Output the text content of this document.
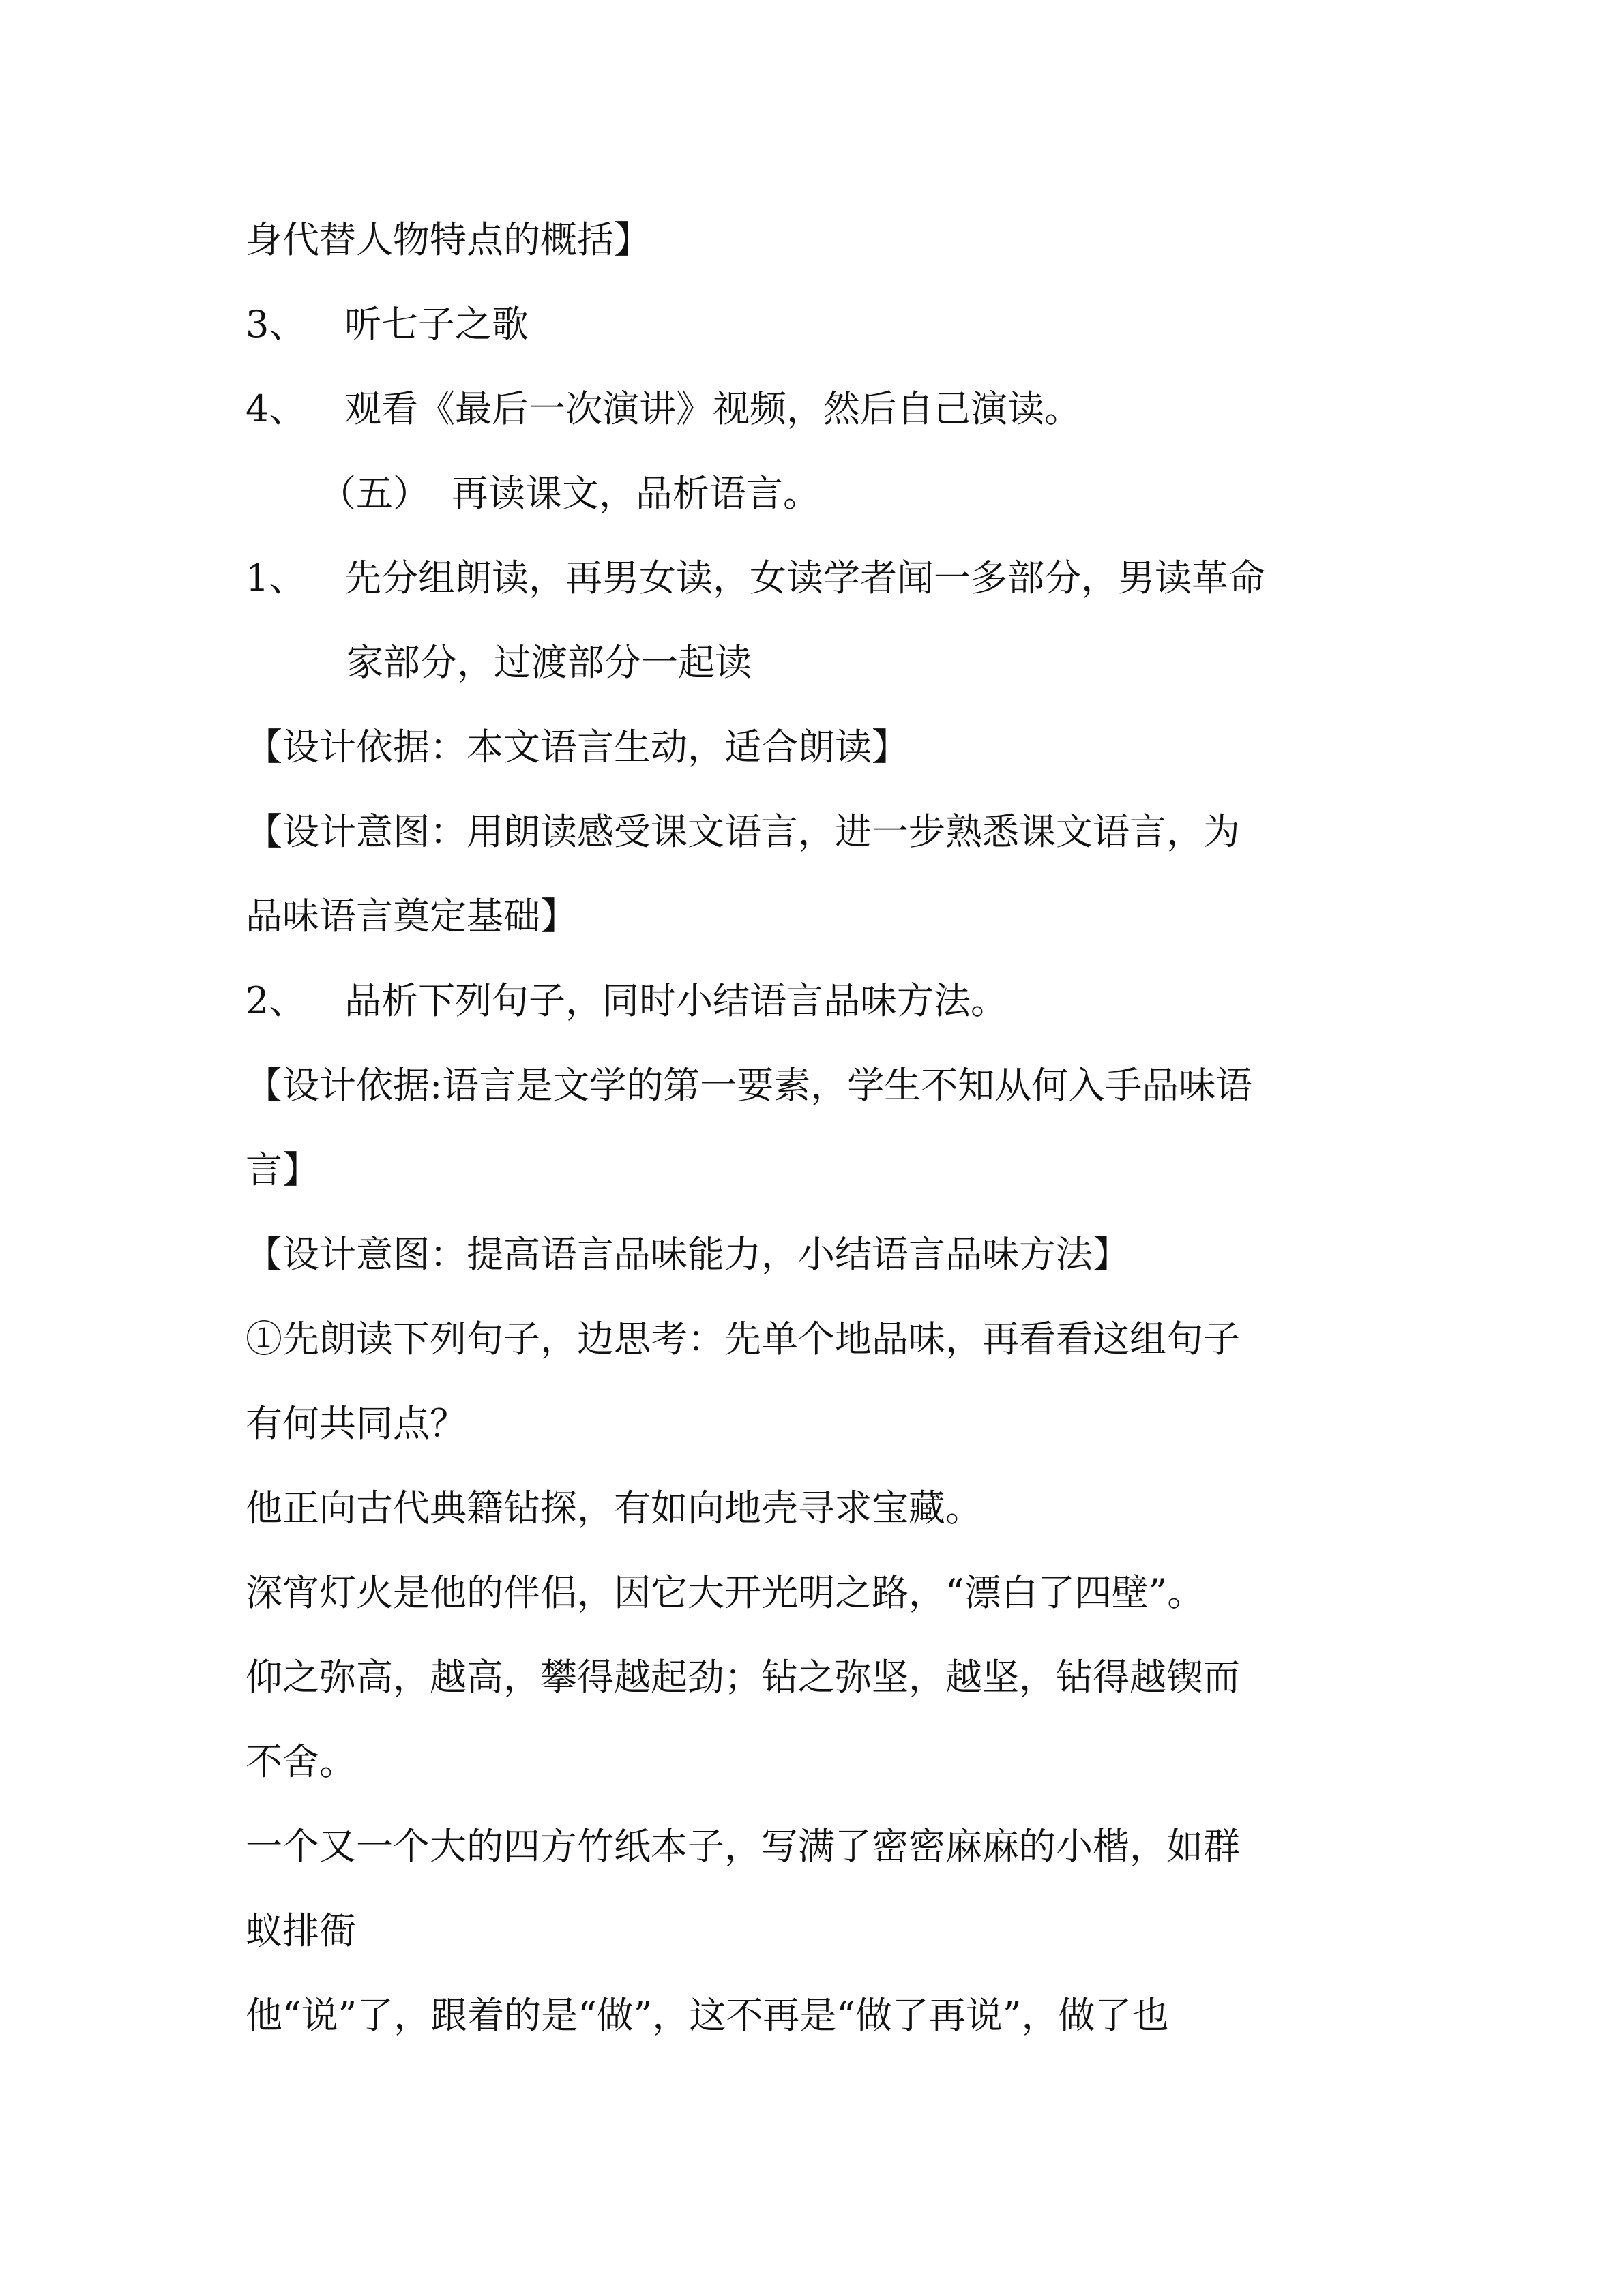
身代替人物特点的概括】
3、 听七子之歌
4、 观看《最后一次演讲》视频，然后自己演读。
（五） 再读课文，品析语言。
1、 先分组朗读，再男女读，女读学者闻一多部分，男读革命
家部分，过渡部分一起读
【设计依据：本文语言生动，适合朗读】
【设计意图：用朗读感受课文语言，进一步熟悉课文语言，为
品味语言奠定基础】
2、 品析下列句子，同时小结语言品味方法。
【设计依据:语言是文学的第一要素，学生不知从何入手品味语
言】
【设计意图：提高语言品味能力，小结语言品味方法】
①先朗读下列句子，边思考：先单个地品味，再看看这组句子
有何共同点？
他正向古代典籍钻探，有如向地壳寻求宝藏。
深宵灯火是他的伴侣，因它大开光明之路，“漂白了四壁”。
仰之弥高，越高，攀得越起劲；钻之弥坚，越坚，钻得越锲而
不舍。
一个又一个大的四方竹纸本子，写满了密密麻麻的小楷，如群
蚁排衙
他“说”了，跟着的是“做”，这不再是“做了再说”，做了也
